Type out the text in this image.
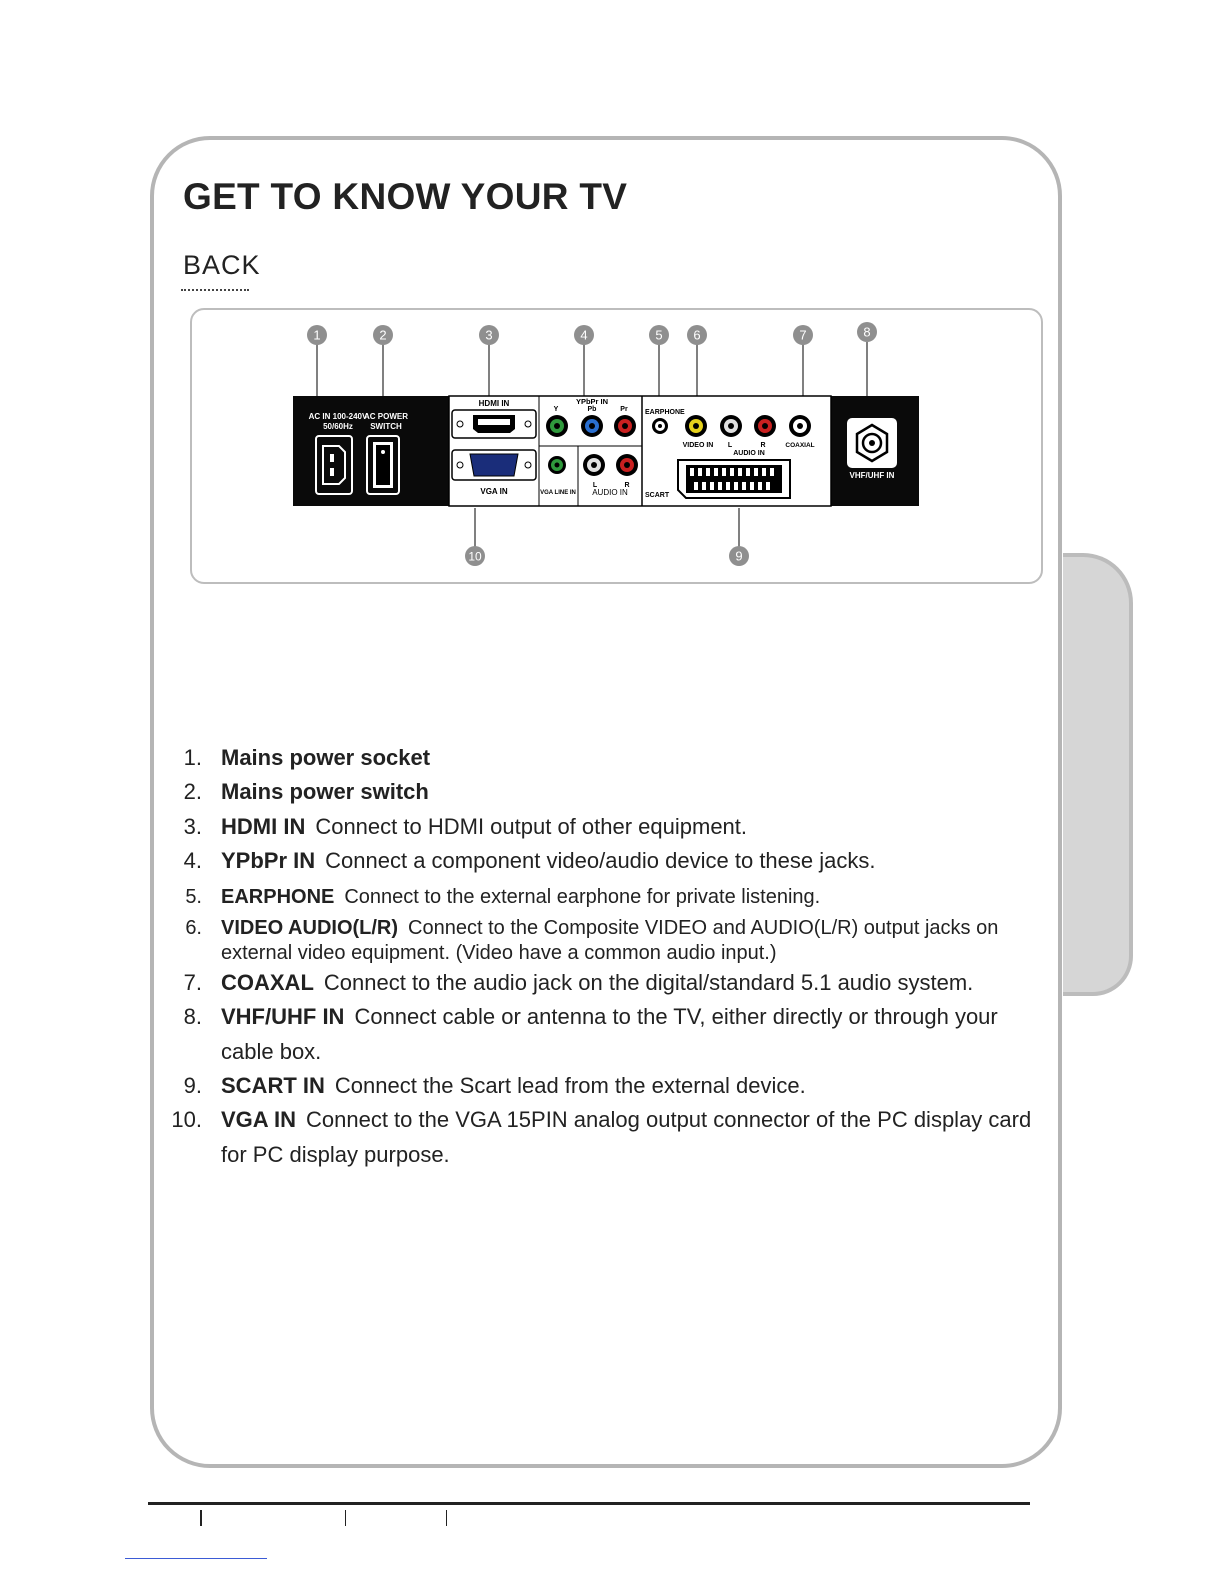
GET TO KNOW YOUR TV
BACK
1	2	3	4	5 6	7	8
9
10
AC IN 100-240V
50/60Hz
AC POWER
SWITCH
HDMI IN
VGA IN	VGA LINE IN
YPbPr IN
Y	Pb	Pr
L	R
AUDIO IN
EARPHONE
VIDEO IN L	R
AUDIO IN
COAXIAL
SCART
VHF/UHF IN
1. Mains power socket
2. Mains power switch
3. HDMI IN Connect to HDMI output of other equipment.
4. YPbPr IN Connect a component video/audio device to these jacks.
5. EARPHONE Connect to the external earphone for private listening.
6. VIDEO AUDIO(L/R) Connect to the Composite VIDEO and AUDIO(L/R) output jacks on external video equipment. (Video have a common audio input.)
7. COAXAL Connect to the audio jack on the digital/standard 5.1 audio system.
8. VHF/UHF IN Connect cable or antenna to the TV, either directly or through your cable box.
9. SCART IN Connect the Scart lead from the external device.
10. VGA IN Connect to the VGA 15PIN analog output connector of the PC display card for PC display purpose.
